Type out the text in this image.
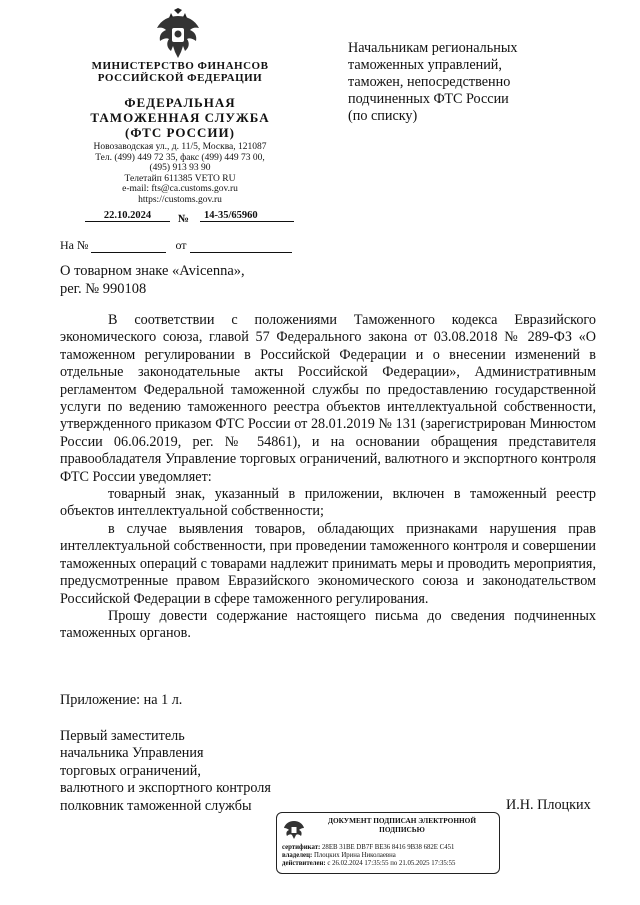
МИНИСТЕРСТВО ФИНАНСОВ
РОССИЙСКОЙ ФЕДЕРАЦИИ
ФЕДЕРАЛЬНАЯ
ТАМОЖЕННАЯ СЛУЖБА
(ФТС РОССИИ)
Новозаводская ул., д. 11/5, Москва, 121087
Тел. (499) 449 72 35, факс (499) 449 73 00,
(495) 913 93 90
Телетайп 611385 VETO RU
e-mail: fts@ca.customs.gov.ru
https://customs.gov.ru
22.10.2024	№	14-35/65960
На №	от
Начальникам региональных
таможенных управлений,
таможен, непосредственно
подчиненных ФТС России
(по списку)
О товарном знаке «Avicenna»,
рег. № 990108

В соответствии с положениями Таможенного кодекса Евразийского экономического союза, главой 57 Федерального закона от 03.08.2018 № 289-ФЗ «О таможенном регулировании в Российской Федерации и о внесении изменений в отдельные законодательные акты Российской Федерации», Административным регламентом Федеральной таможенной службы по предоставлению государственной услуги по ведению таможенного реестра объектов интеллектуальной собственности, утвержденного приказом ФТС России от 28.01.2019 № 131 (зарегистрирован Минюстом России 06.06.2019, рег. № 54861), и на основании обращения представителя правообладателя Управление торговых ограничений, валютного и экспортного контроля ФТС России уведомляет:

товарный знак, указанный в приложении, включен в таможенный реестр объектов интеллектуальной собственности;

в случае выявления товаров, обладающих признаками нарушения прав интеллектуальной собственности, при проведении таможенного контроля и совершении таможенных операций с товарами надлежит принимать меры и проводить мероприятия, предусмотренные правом Евразийского экономического союза и законодательством Российской Федерации в сфере таможенного регулирования.

Прошу довести содержание настоящего письма до сведения подчиненных таможенных органов.

Приложение: на 1 л.
Первый заместитель
начальника Управления
торговых ограничений,
валютного и экспортного контроля
полковник таможенной службы	И.Н. Плоцких
ДОКУМЕНТ ПОДПИСАН ЭЛЕКТРОННОЙ
ПОДПИСЬЮ
сертификат: 28EB 31BE DB7F BE36 8416 9B38 682E C451
владелец: Плоцких Ирина Николаевна
действителен: с 26.02.2024 17:35:55 по 21.05.2025 17:35:55
